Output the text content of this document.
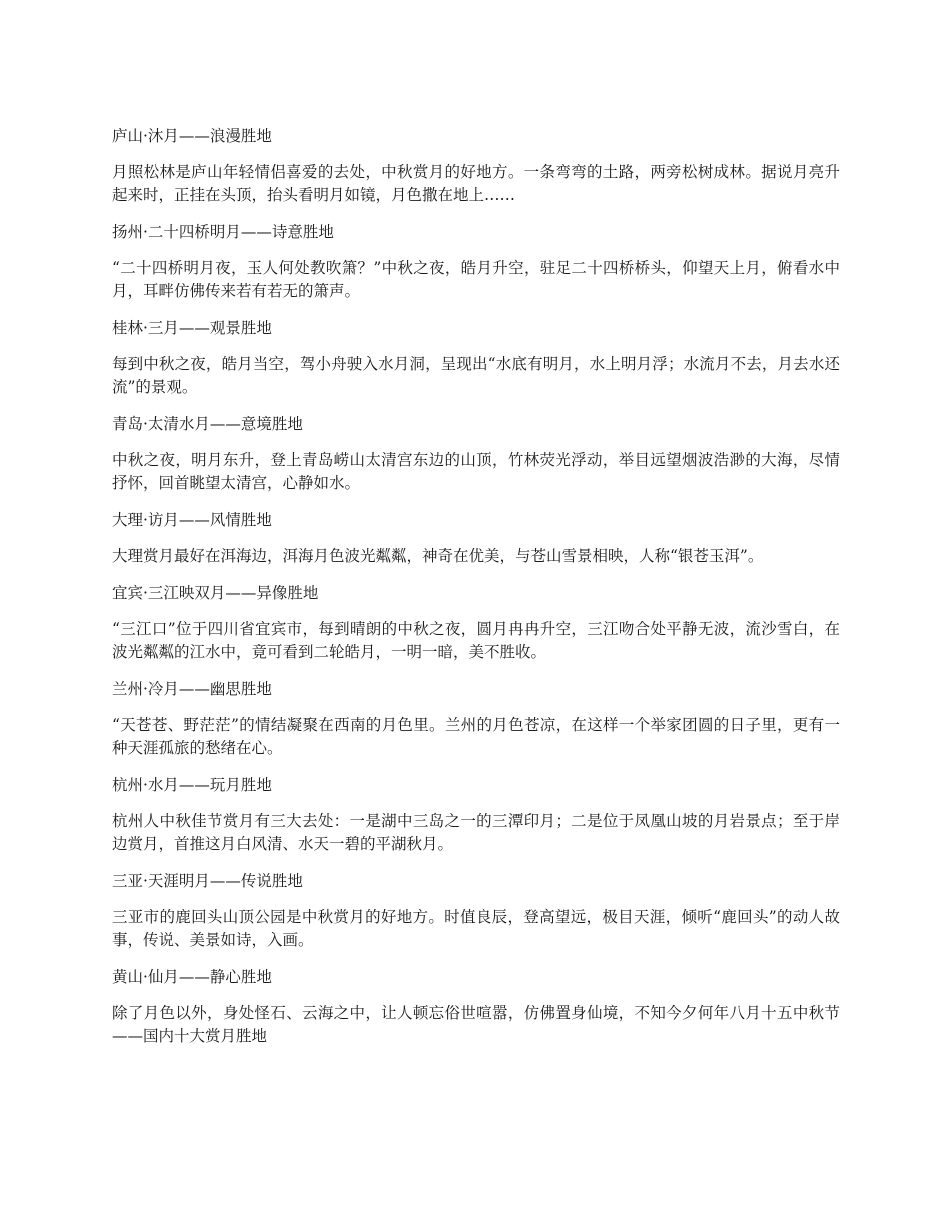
庐山·沐月——浪漫胜地

月照松林是庐山年轻情侣喜爱的去处，中秋赏月的好地方。一条弯弯的土路，两旁松树成林。据说月亮升起来时，正挂在头顶，抬头看明月如镜，月色撒在地上……

扬州·二十四桥明月——诗意胜地

“二十四桥明月夜，玉人何处教吹箫？”中秋之夜，皓月升空，驻足二十四桥桥头，仰望天上月，俯看水中月，耳畔仿佛传来若有若无的箫声。

桂林·三月——观景胜地

每到中秋之夜，皓月当空，驾小舟驶入水月洞，呈现出“水底有明月，水上明月浮；水流月不去，月去水还流”的景观。

青岛·太清水月——意境胜地

中秋之夜，明月东升，登上青岛崂山太清宫东边的山顶，竹林荧光浮动，举目远望烟波浩渺的大海，尽情抒怀，回首眺望太清宫，心静如水。

大理·访月——风情胜地

大理赏月最好在洱海边，洱海月色波光粼粼，神奇在优美，与苍山雪景相映，人称“银苍玉洱”。

宜宾·三江映双月——异像胜地

“三江口”位于四川省宜宾市，每到晴朗的中秋之夜，圆月冉冉升空，三江吻合处平静无波，流沙雪白，在波光粼粼的江水中，竟可看到二轮皓月，一明一暗，美不胜收。

兰州·冷月——幽思胜地

“天苍苍、野茫茫”的情结凝聚在西南的月色里。兰州的月色苍凉，在这样一个举家团圆的日子里，更有一种天涯孤旅的愁绪在心。

杭州·水月——玩月胜地

杭州人中秋佳节赏月有三大去处：一是湖中三岛之一的三潭印月；二是位于凤凰山坡的月岩景点；至于岸边赏月，首推这月白风清、水天一碧的平湖秋月。

三亚·天涯明月——传说胜地

三亚市的鹿回头山顶公园是中秋赏月的好地方。时值良辰，登高望远，极目天涯，倾听“鹿回头”的动人故事，传说、美景如诗，入画。

黄山·仙月——静心胜地

除了月色以外，身处怪石、云海之中，让人顿忘俗世喧嚣，仿佛置身仙境，不知今夕何年八月十五中秋节——国内十大赏月胜地
